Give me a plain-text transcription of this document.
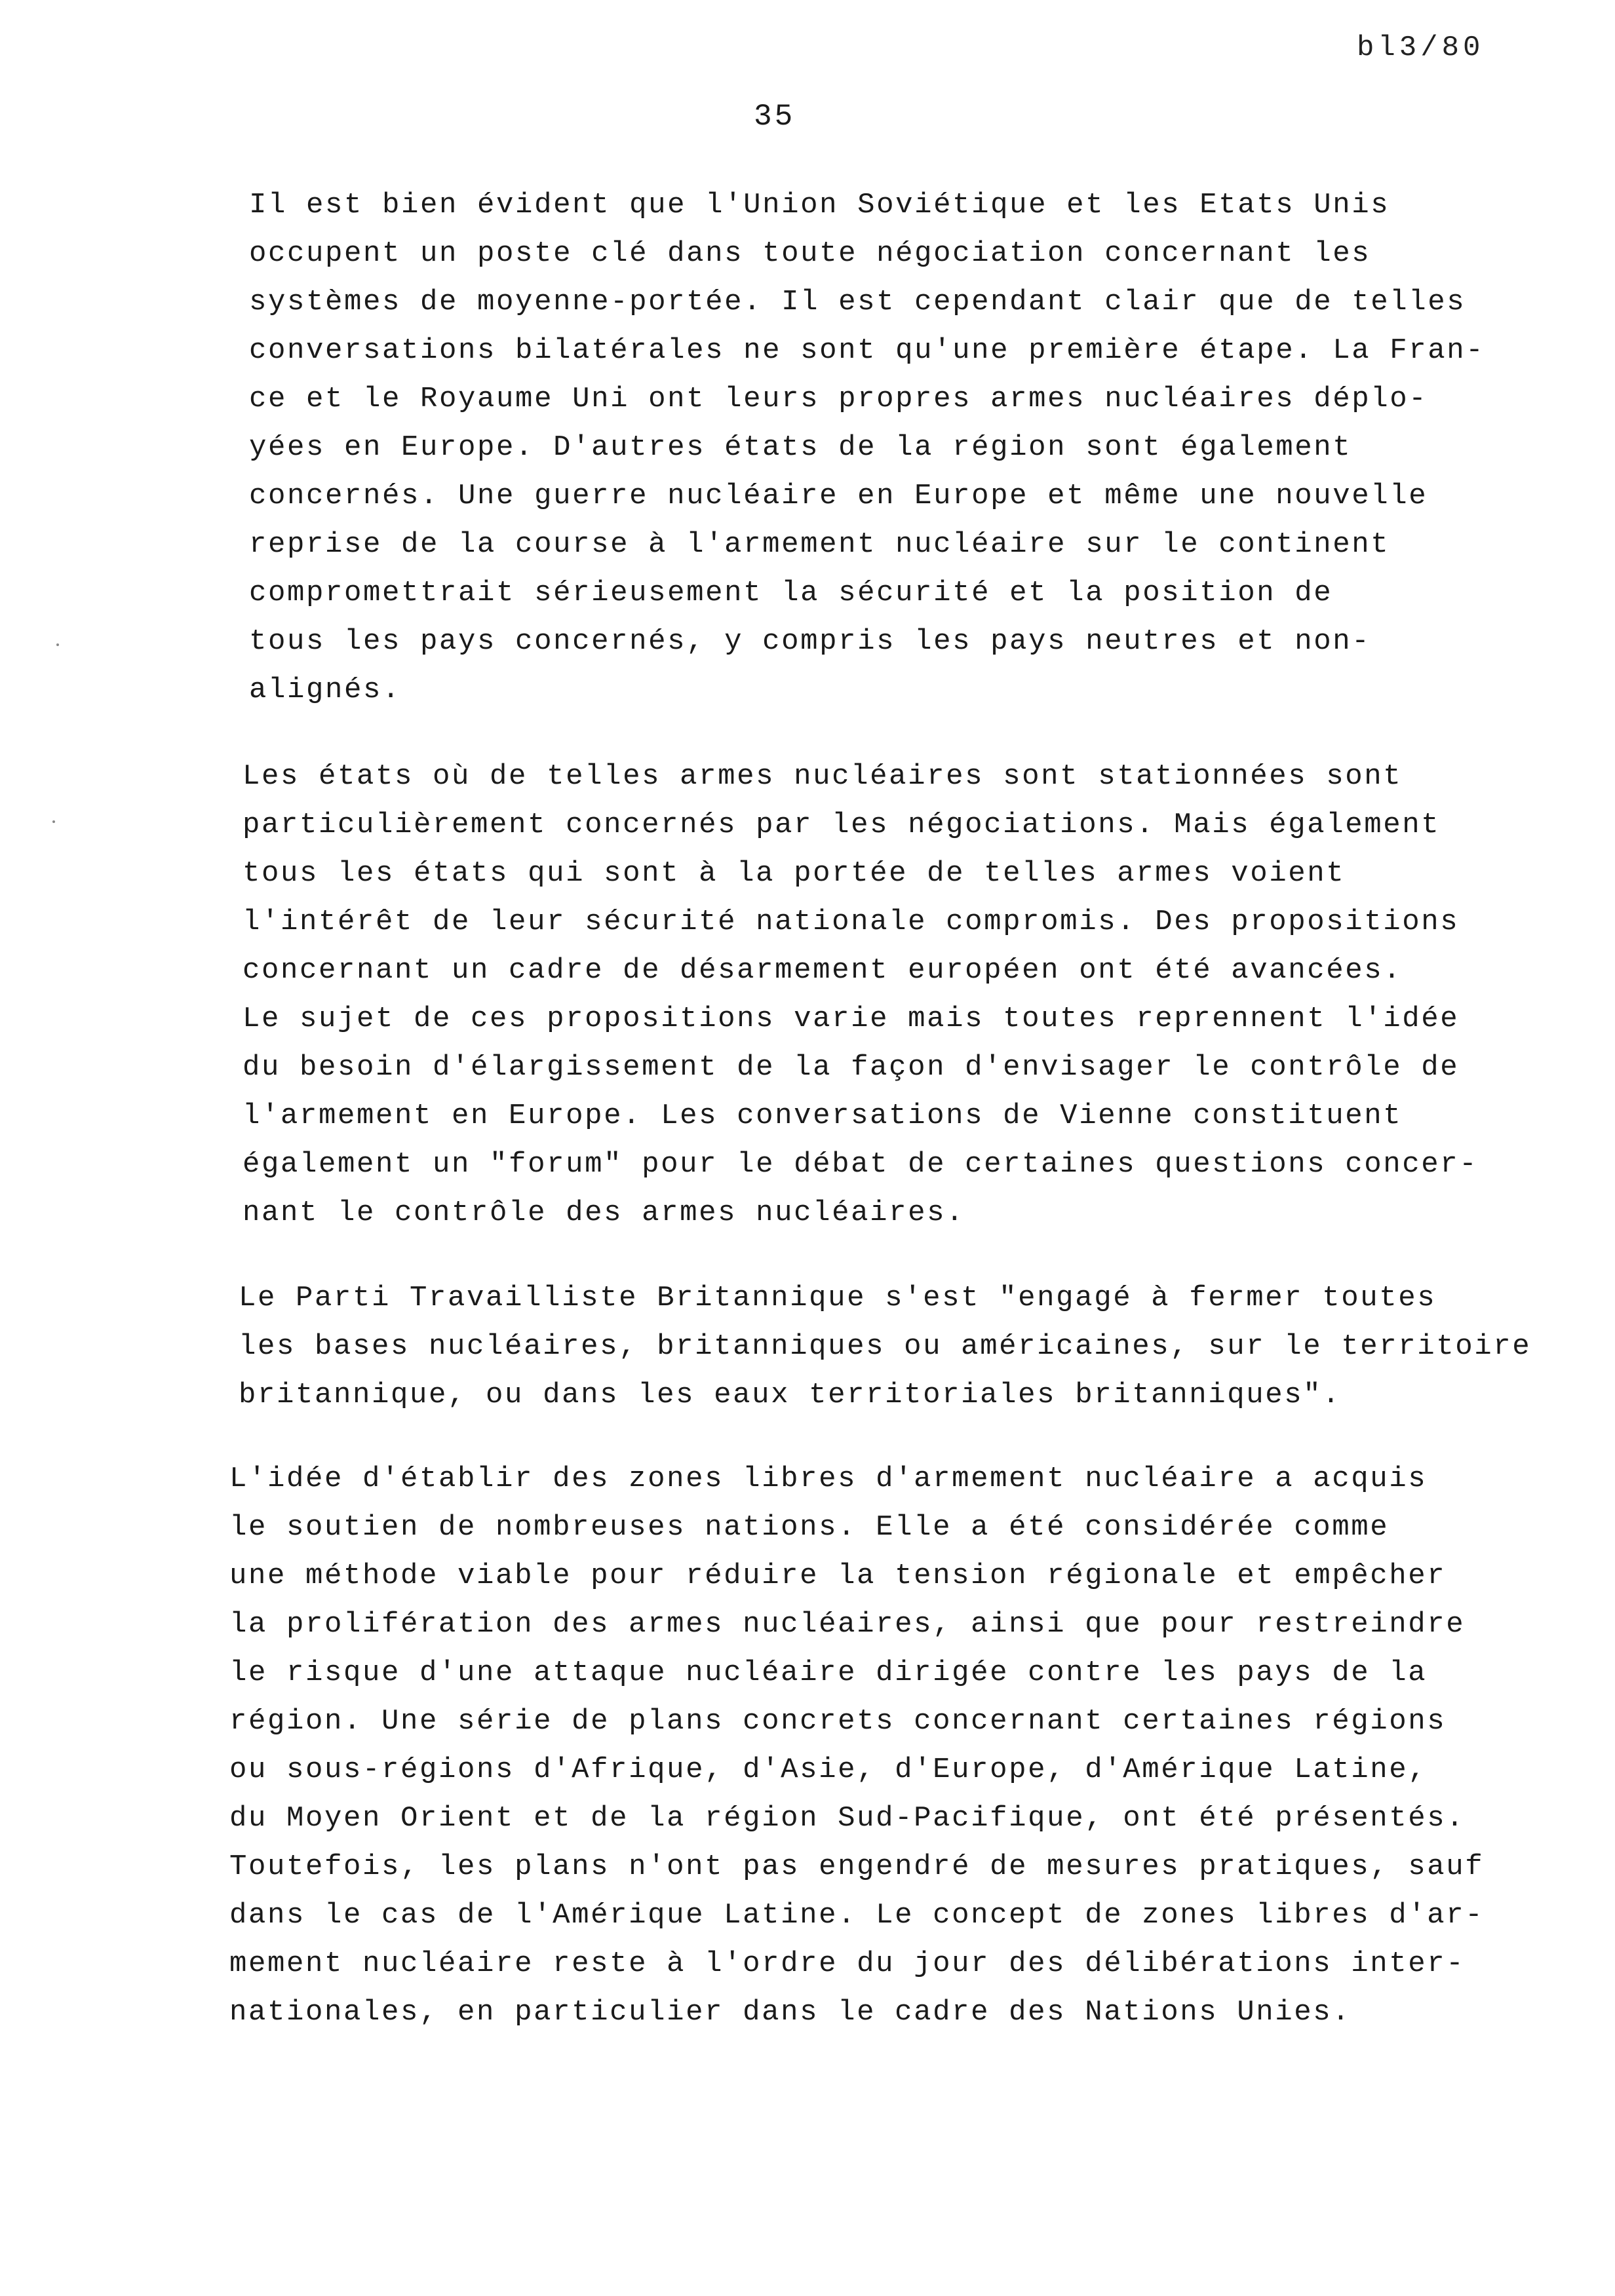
bl3/80
35
Il est bien évident que l'Union Soviétique et les Etats Unis
occupent un poste clé dans toute négociation concernant les
systèmes de moyenne-portée. Il est cependant clair que de telles
conversations bilatérales ne sont qu'une première étape. La Fran-
ce et le Royaume Uni ont leurs propres armes nucléaires déplo-
yées en Europe. D'autres états de la région sont également
concernés. Une guerre nucléaire en Europe et même une nouvelle
reprise de la course à l'armement nucléaire sur le continent
compromettrait sérieusement la sécurité et la position de
tous les pays concernés, y compris les pays neutres et non-
alignés.
Les états où de telles armes nucléaires sont stationnées sont
particulièrement concernés par les négociations. Mais également
tous les états qui sont à la portée de telles armes voient
l'intérêt de leur sécurité nationale compromis. Des propositions
concernant un cadre de désarmement européen ont été avancées.
Le sujet de ces propositions varie mais toutes reprennent l'idée
du besoin d'élargissement de la façon d'envisager le contrôle de
l'armement en Europe. Les conversations de Vienne constituent
également un "forum" pour le débat de certaines questions concer-
nant le contrôle des armes nucléaires.
Le Parti Travailliste Britannique s'est "engagé à fermer toutes
les bases nucléaires, britanniques ou américaines, sur le territoire
britannique, ou dans les eaux territoriales britanniques".
L'idée d'établir des zones libres d'armement nucléaire a acquis
le soutien de nombreuses nations. Elle a été considérée comme
une méthode viable pour réduire la tension régionale et empêcher
la prolifération des armes nucléaires, ainsi que pour restreindre
le risque d'une attaque nucléaire dirigée contre les pays de la
région. Une série de plans concrets concernant certaines régions
ou sous-régions d'Afrique, d'Asie, d'Europe, d'Amérique Latine,
du Moyen Orient et de la région Sud-Pacifique, ont été présentés.
Toutefois, les plans n'ont pas engendré de mesures pratiques, sauf
dans le cas de l'Amérique Latine. Le concept de zones libres d'ar-
mement nucléaire reste à l'ordre du jour des délibérations inter-
nationales, en particulier dans le cadre des Nations Unies.
